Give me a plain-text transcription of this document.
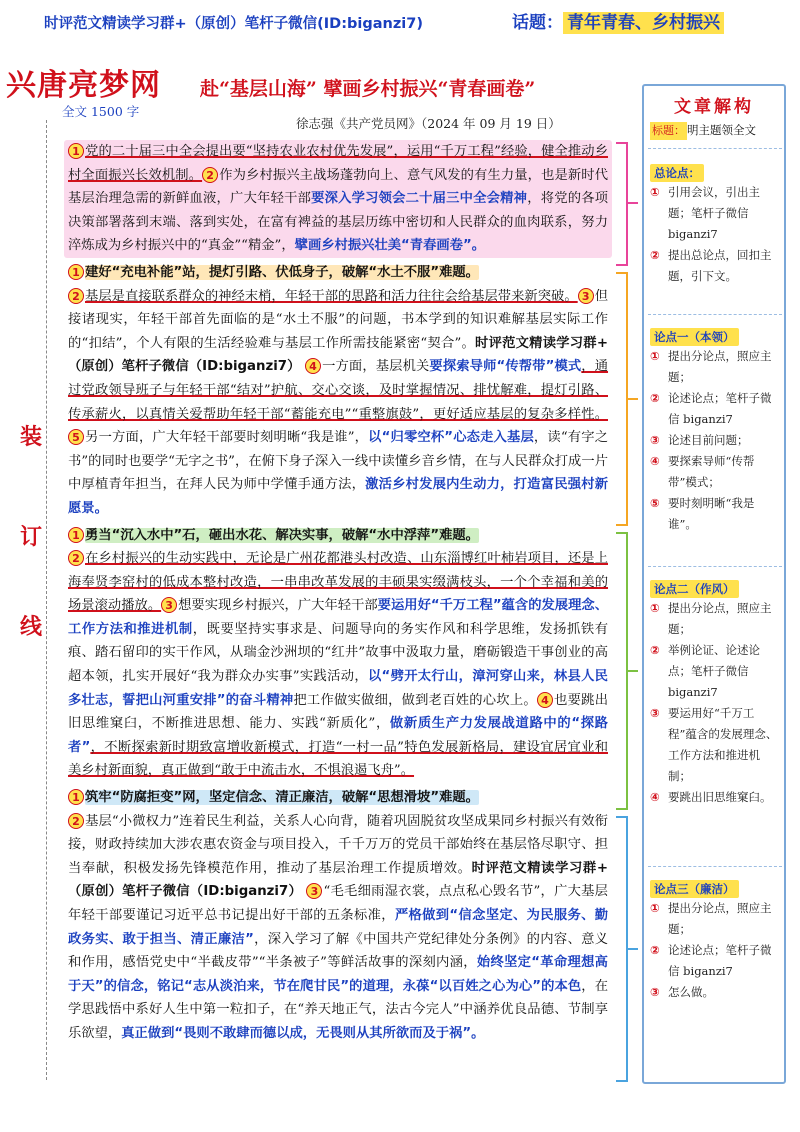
时评范文精读学习群+（原创）笔杆子微信(ID:biganzi7)	话题： 青年青春、乡村振兴
兴唐亮梦网 赴“基层山海” 擘画乡村振兴“青春画卷”
全文 1500 字
徐志强《共产党员网》（2024 年 09 月 19 日）
装
订
线
1 党的二十届三中全会提出要“坚持农业农村优先发展”，运用“千万工程”经验，健全推动乡村全面振兴长效机制。 2 作为乡村振兴主战场蓬勃向上、意气风发的有生力量，也是新时代基层治理急需的新鲜血液，广大年轻干部要深入学习领会二十届三中全会精神，将党的各项决策部署落到末端、落到实处，在富有裨益的基层历练中密切和人民群众的血肉联系，努力淬炼成为乡村振兴中的“真金”“精金”，擘画乡村振兴壮美“青春画卷”。
1 建好“充电补能”站，提灯引路、伏低身子，破解“水土不服”难题。
2 基层是直接联系群众的神经末梢，年轻干部的思路和活力往往会给基层带来新突破。 3 但接诸现实，年轻干部首先面临的是“水土不服”的问题，书本学到的知识难解基层实际工作的“扣结”，个人有限的生活经验难与基层工作所需技能紧密“契合”。时评范文精读学习群+（原创）笔杆子微信（ID:biganzi7） 4 一方面，基层机关要探索导师“传帮带”模式，通过党政领导班子与年轻干部“结对”护航、交心交谈，及时掌握情况、排忧解难，提灯引路、传承薪火，以真情关爱帮助年轻干部“蓄能充电”“重整旗鼓”，更好适应基层的复杂多样性。5 另一方面，广大年轻干部要时刻明晰“我是谁”，以“归零空杯”心态走入基层，读“有字之书”的同时也要学“无字之书”，在俯下身子深入一线中读懂乡音乡情，在与人民群众打成一片中厚植青年担当，在拜人民为师中学懂手通方法，激活乡村发展内生动力，打造富民强村新愿景。
1 勇当“沉入水中”石，砸出水花、解决实事，破解“水中浮萍”难题。
2 在乡村振兴的生动实践中，无论是广州花都港头村改造、山东淄博红叶柿岩项目，还是上海奉贤李窑村的低成本整村改造，一串串改革发展的丰硕果实缀满枝头，一个个幸福和美的场景滚动播放。 3 想要实现乡村振兴，广大年轻干部要运用好“千万工程”蕴含的发展理念、工作方法和推进机制，既要坚持实事求是、问题导向的务实作风和科学思维，发扬抓铁有痕、踏石留印的实干作风，从瑞金沙洲坝的“红井”故事中汲取力量，磨砺锻造干事创业的高超本领，扎实开展好“我为群众办实事”实践活动，以“劈开太行山，漳河穿山来，林县人民多壮志，誓把山河重安排”的奋斗精神把工作做实做细，做到老百姓的心坎上。 4 也要跳出旧思维窠臼，不断推进思想、能力、实践“新质化”，做新质生产力发展战道路中的“探路者”，不断探索新时期致富增收新模式，打造“一村一品”特色发展新格局，建设宜居宜业和美乡村新面貌，真正做到“敢于中流击水，不惧浪遏飞舟”。
1 筑牢“防腐拒变”网，坚定信念、清正廉洁，破解“思想滑坡”难题。
2 基层“小微权力”连着民生利益，关系人心向背，随着巩固脱贫攻坚成果同乡村振兴有效衔接，财政持续加大涉农惠农资金与项目投入，千千万万的党员干部始终在基层恪尽职守、担当奉献，积极发扬先锋模范作用，推动了基层治理工作提质增效。时评范文精读学习群+（原创）笔杆子微信（ID:biganzi7） 3 “毛毛细雨湿衣裳，点点私心毁名节”，广大基层年轻干部要谨记习近平总书记提出好干部的五条标准，严格做到“信念坚定、为民服务、勤政务实、敢于担当、清正廉洁”，深入学习了解《中国共产党纪律处分条例》的内容、意义和作用，感悟党史中“半截皮带”“半条被子”等鲜活故事的深刻内涵，始终坚定“革命理想高于天”的信念，铭记“志从淡泊来，节在爬甘民”的道理，永葆“以百姓之心为心”的本色，在学思践悟中系好人生中第一粒扣子，在“养天地正气，法古今完人”中涵养优良品德、节制享乐欲望，真正做到“畏则不敢肆而德以成，无畏则从其所欲而及于祸”。
文章解构
标题： 明主题领全文
总论点：
① 引用会议，引出主题；笔杆子微信 biganzi7
② 提出总论点，回扣主题，引下文。
论点一（本领）
① 提出分论点，照应主题；
② 论述论点；笔杆子微信 biganzi7
③ 论述目前问题；
④ 要探索导师“传帮带”模式；
⑤ 要时刻明晰“我是谁”。
论点二（作风）
① 提出分论点，照应主题；
② 举例论证、论述论点；笔杆子微信 biganzi7
③ 要运用好“千万工程”蕴含的发展理念、工作方法和推进机制；
④ 要跳出旧思维窠臼。
论点三（廉洁）
① 提出分论点，照应主题；
② 论述论点；笔杆子微信 biganzi7
③ 怎么做。
